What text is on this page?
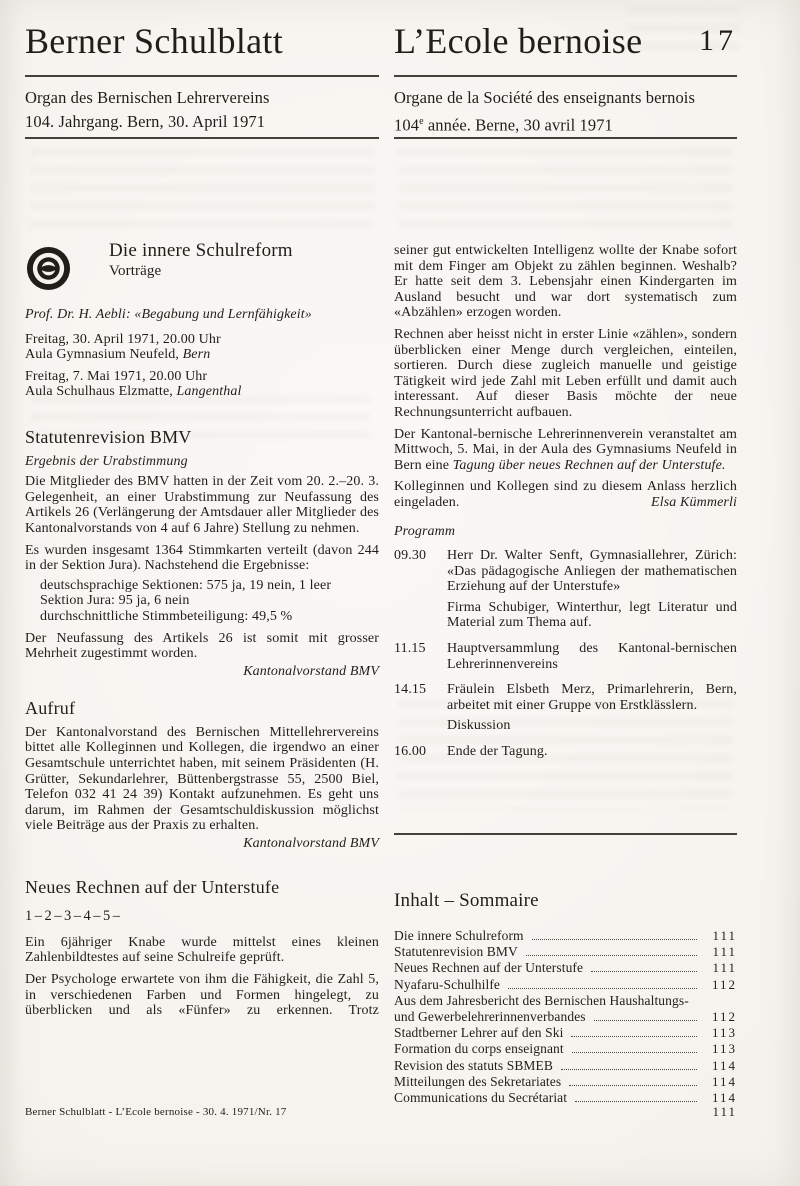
Berner Schulblatt	L’Ecole bernoise 17
Organ des Bernischen Lehrervereins
104. Jahrgang. Bern, 30. April 1971
Organe de la Société des enseignants bernois
104e année. Berne, 30 avril 1971
Die innere Schulreform
Vorträge
Prof. Dr. H. Aebli: «Begabung und Lernfähigkeit»
Freitag, 30. April 1971, 20.00 Uhr
Aula Gymnasium Neufeld, Bern
Freitag, 7. Mai 1971, 20.00 Uhr
Aula Schulhaus Elzmatte, Langenthal
Statutenrevision BMV
Ergebnis der Urabstimmung

Die Mitglieder des BMV hatten in der Zeit vom 20. 2.–20. 3. Gelegenheit, an einer Urabstimmung zur Neufassung des Artikels 26 (Verlängerung der Amtsdauer aller Mitglieder des Kantonalvorstands von 4 auf 6 Jahre) Stellung zu nehmen.

Es wurden insgesamt 1364 Stimmkarten verteilt (davon 244 in der Sektion Jura). Nachstehend die Ergebnisse:

deutschsprachige Sektionen: 575 ja, 19 nein, 1 leer
Sektion Jura: 95 ja, 6 nein
durchschnittliche Stimmbeteiligung: 49,5 %

Der Neufassung des Artikels 26 ist somit mit grosser Mehrheit zugestimmt worden.

Kantonalvorstand BMV
Aufruf

Der Kantonalvorstand des Bernischen Mittellehrervereins bittet alle Kolleginnen und Kollegen, die irgendwo an einer Gesamtschule unterrichtet haben, mit seinem Präsidenten (H. Grütter, Sekundarlehrer, Büttenbergstrasse 55, 2500 Biel, Telefon 032 41 24 39) Kontakt aufzunehmen. Es geht uns darum, im Rahmen der Gesamtschuldiskussion möglichst viele Beiträge aus der Praxis zu erhalten.

Kantonalvorstand BMV
Neues Rechnen auf der Unterstufe
1–2–3–4–5–

Ein 6jähriger Knabe wurde mittelst eines kleinen Zahlenbildtestes auf seine Schulreife geprüft.

Der Psychologe erwartete von ihm die Fähigkeit, die Zahl 5, in verschiedenen Farben und Formen hingelegt, zu überblicken und als «Fünfer» zu erkennen. Trotz

seiner gut entwickelten Intelligenz wollte der Knabe sofort mit dem Finger am Objekt zu zählen beginnen. Weshalb? Er hatte seit dem 3. Lebensjahr einen Kindergarten im Ausland besucht und war dort systematisch zum «Abzählen» erzogen worden.

Rechnen aber heisst nicht in erster Linie «zählen», sondern überblicken einer Menge durch vergleichen, einteilen, sortieren. Durch diese zugleich manuelle und geistige Tätigkeit wird jede Zahl mit Leben erfüllt und damit auch interessant. Auf dieser Basis möchte der neue Rechnungsunterricht aufbauen.

Der Kantonal-bernische Lehrerinnenverein veranstaltet am Mittwoch, 5. Mai, in der Aula des Gymnasiums Neufeld in Bern eine Tagung über neues Rechnen auf der Unterstufe.

Kolleginnen und Kollegen sind zu diesem Anlass herzlich eingeladen.	Elsa Kümmerli
Programm
09.30	Herr Dr. Walter Senft, Gymnasiallehrer, Zürich: «Das pädagogische Anliegen der mathematischen Erziehung auf der Unterstufe»
Firma Schubiger, Winterthur, legt Literatur und Material zum Thema auf.
11.15	Hauptversammlung des Kantonal-bernischen Lehrerinnenvereins
14.15	Fräulein Elsbeth Merz, Primarlehrerin, Bern, arbeitet mit einer Gruppe von Erstklässlern.
Diskussion
16.00	Ende der Tagung.
Inhalt – Sommaire
Die innere Schulreform	111
Statutenrevision BMV	111
Neues Rechnen auf der Unterstufe	111
Nyafaru-Schulhilfe	112
Aus dem Jahresbericht des Bernischen Haushaltungs-
und Gewerbelehrerinnenverbandes	112
Stadtberner Lehrer auf den Ski	113
Formation du corps enseignant	113
Revision des statuts SBMEB	114
Mitteilungen des Sekretariates	114
Communications du Secrétariat	114
Berner Schulblatt - L’Ecole bernoise - 30. 4. 1971/Nr. 17	111
